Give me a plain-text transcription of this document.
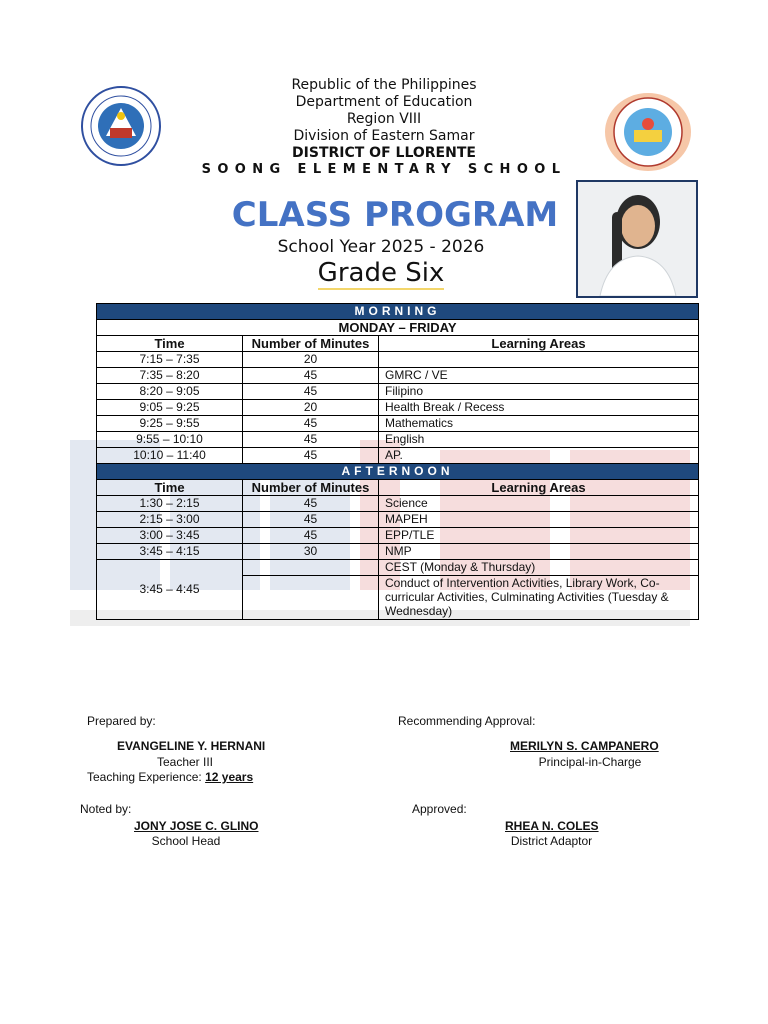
Republic of the Philippines
Department of Education
Region VIII
Division of Eastern Samar
DISTRICT OF LLORENTE
SOONG ELEMENTARY SCHOOL
CLASS PROGRAM
School Year 2025 - 2026
Grade Six
MORNING		
MONDAY – FRIDAY		
Time	Number of Minutes	Learning Areas
7:15 – 7:35	20	
7:35 – 8:20	45	GMRC / VE
8:20 – 9:05	45	Filipino
9:05 – 9:25	20	Health Break / Recess
9:25 – 9:55	45	Mathematics
9:55 – 10:10	45	English
10:10 – 11:40	45	AP.
AFTERNOON		
Time	Number of Minutes	Learning Areas
1:30 – 2:15	45	Science
2:15 – 3:00	45	MAPEH
3:00 – 3:45	45	EPP/TLE
3:45 – 4:15	30	NMP
3:45 – 4:45		CEST (Monday & Thursday)
		Conduct of Intervention Activities, Library Work, Co-curricular Activities, Culminating Activities (Tuesday & Wednesday)
Prepared by:
EVANGELINE Y. HERNANI
Teacher III
Teaching Experience: 12 years
Recommending Approval:
MERILYN S. CAMPANERO
Principal-in-Charge
Noted by:
JONY JOSE C. GLINO
School Head
Approved:
RHEA N. COLES
District Adaptor
